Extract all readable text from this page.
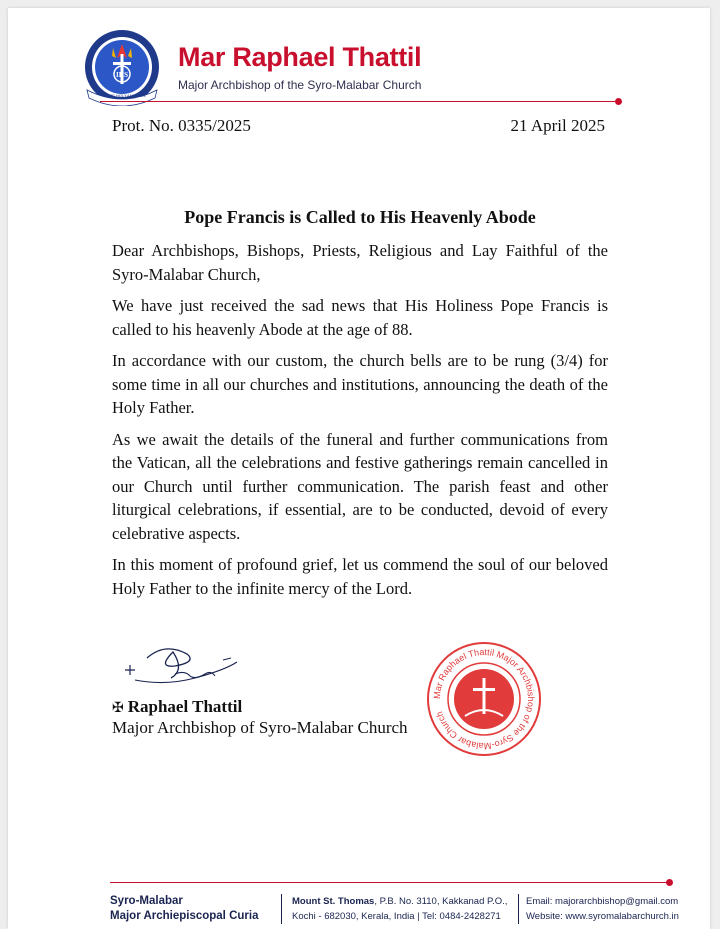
IHS
TO BE HOLY AND GIVE
Mar Raphael Thattil
Major Archbishop of the Syro-Malabar Church
Prot. No. 0335/2025	21 April 2025
Pope Francis is Called to His Heavenly Abode

Dear Archbishops, Bishops, Priests, Religious and Lay Faithful of the Syro-Malabar Church,

We have just received the sad news that His Holiness Pope Francis is called to his heavenly Abode at the age of 88.

In accordance with our custom, the church bells are to be rung (3/4) for some time in all our churches and institutions, announcing the death of the Holy Father.

As we await the details of the funeral and further communications from the Vatican, all the celebrations and festive gatherings remain cancelled in our Church until further communication. The parish feast and other liturgical celebrations, if essential, are to be conducted, devoid of every celebrative aspects.

In this moment of profound grief, let us commend the soul of our beloved Holy Father to the infinite mercy of the Lord.

✠ Raphael Thattil
Major Archbishop of Syro-Malabar Church
Mar Raphael Thattil Major Archbishop of the Syro-Malabar Church
Syro-Malabar
Major Archiepiscopal Curia
Mount St. Thomas, P.B. No. 3110, Kakkanad P.O.,
Kochi - 682030, Kerala, India | Tel: 0484-2428271
Email: majorarchbishop@gmail.com
Website: www.syromalabarchurch.in
